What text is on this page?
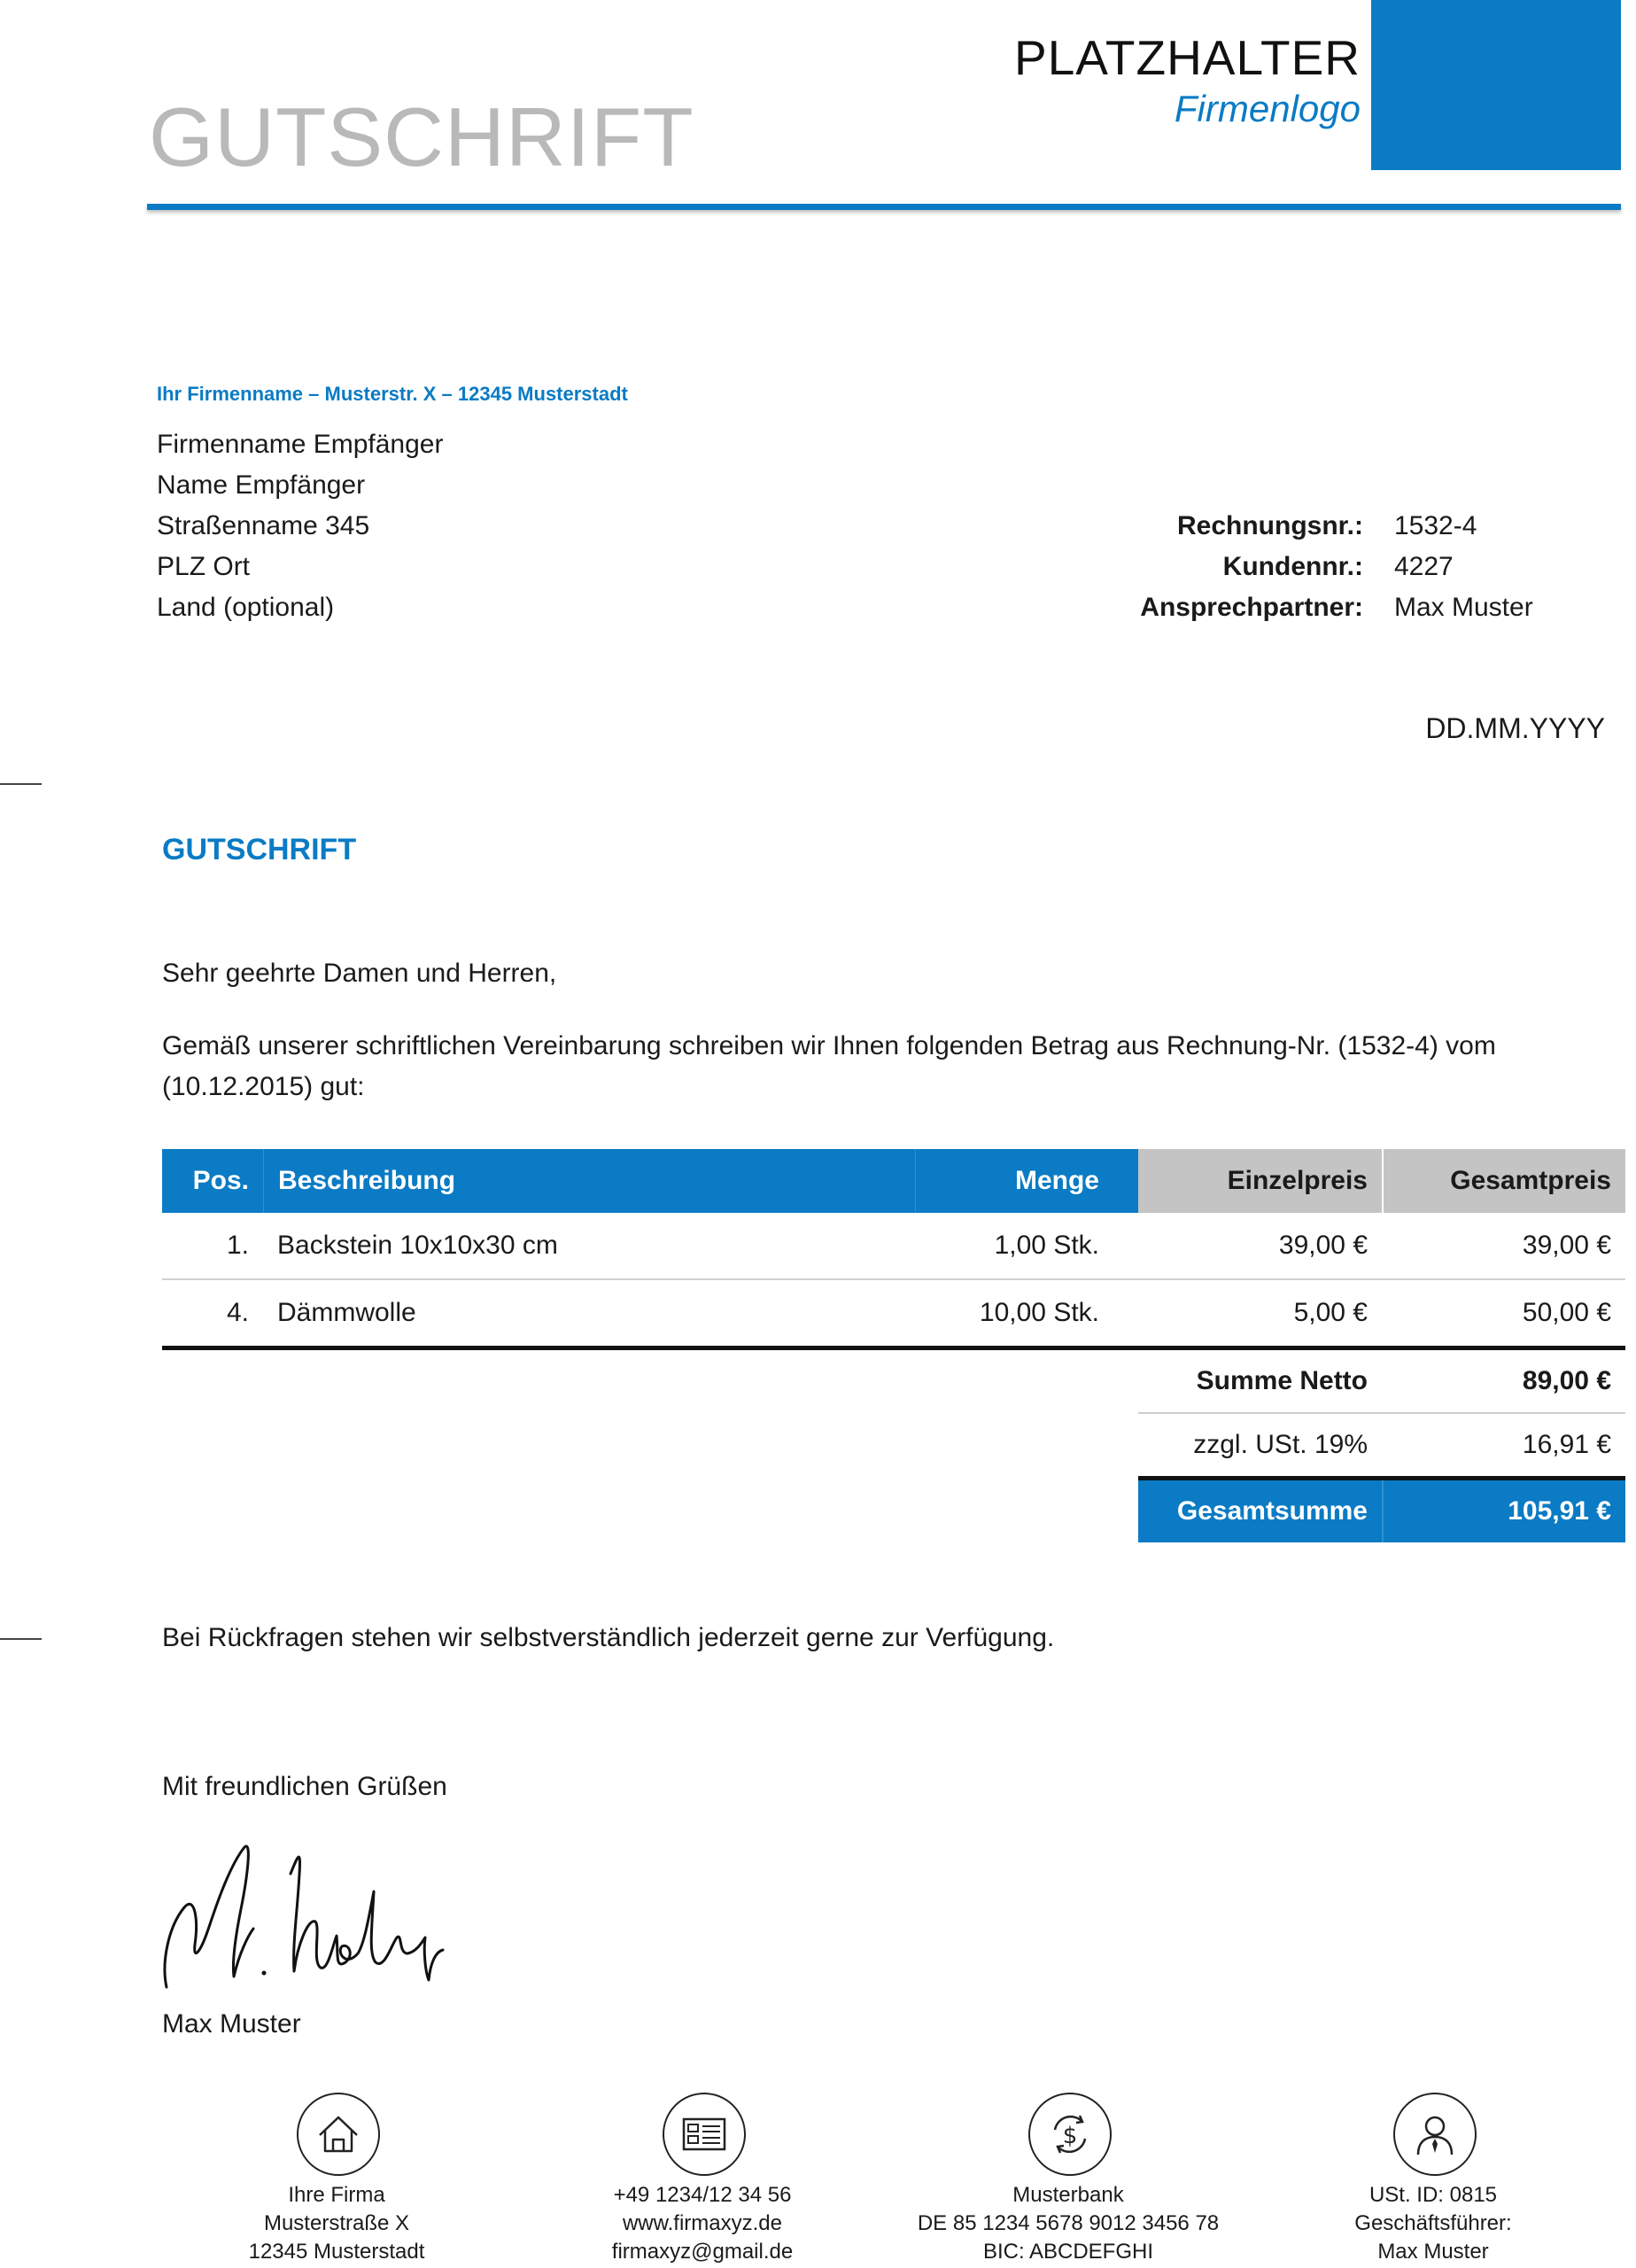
GUTSCHRIFT
PLATZHALTER
Firmenlogo
Ihr Firmenname – Musterstr. X – 12345 Musterstadt
Firmenname Empfänger
Name Empfänger
Straßenname 345
PLZ Ort
Land (optional)
Rechnungsnr.: 1532-4
Kundennr.: 4227
Ansprechpartner: Max Muster
DD.MM.YYYY
GUTSCHRIFT
Sehr geehrte Damen und Herren,
Gemäß unserer schriftlichen Vereinbarung schreiben wir Ihnen folgenden Betrag aus Rechnung-Nr. (1532-4) vom
(10.12.2015) gut:
Pos.	Beschreibung	Menge	Einzelpreis	Gesamtpreis
1.	Backstein 10x10x30 cm	1,00 Stk.	39,00 €	39,00 €
4.	Dämmwolle	10,00 Stk.	5,00 €	50,00 €
Summe Netto	89,00 €
zzgl. USt. 19%	16,91 €
Gesamtsumme	105,91 €
Bei Rückfragen stehen wir selbstverständlich jederzeit gerne zur Verfügung.
Mit freundlichen Grüßen
Max Muster
$
Ihre Firma
Musterstraße X
12345 Musterstadt
+49 1234/12 34 56
www.firmaxyz.de
firmaxyz@gmail.de
Musterbank
DE 85 1234 5678 9012 3456 78
BIC: ABCDEFGHI
USt. ID: 0815
Geschäftsführer:
Max Muster
